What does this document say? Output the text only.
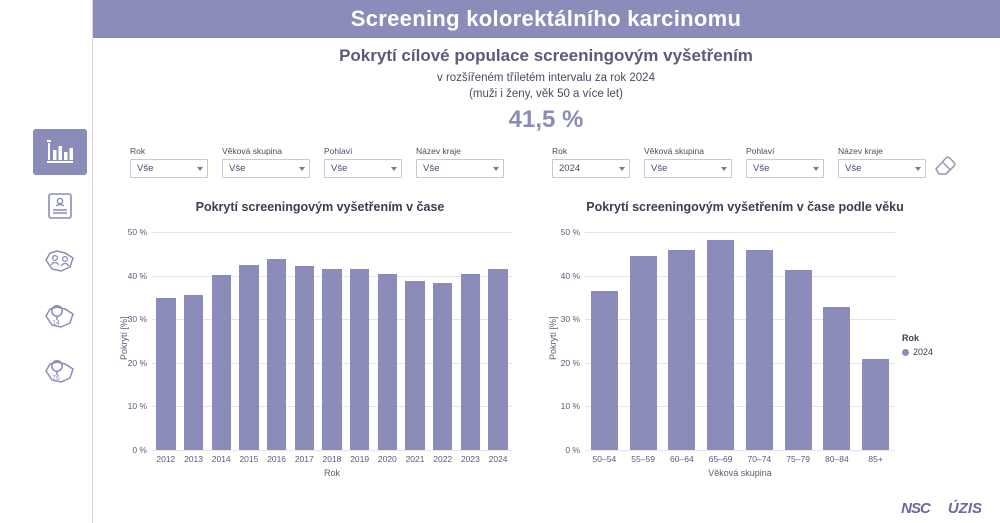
Screening kolorektálního karcinomu
14
76
Pokrytí cílové populace screeningovým vyšetřením
v rozšířeném tříletém intervalu za rok 2024
(muži i ženy, věk 50 a více let)
41,5 %
Rok
Vše
Věková skupina
Vše
Pohlaví
Vše
Název kraje
Vše
Rok
2024
Věková skupina
Vše
Pohlaví
Vše
Název kraje
Vše
Pokrytí screeningovým vyšetřením v čase
Pokrytí [%]
0 %
10 %
20 %
30 %
40 %
50 %
2012	2013	2014	2015	2016	2017	2018	2019	2020	2021	2022	2023	2024
Rok
Pokrytí screeningovým vyšetřením v čase podle věku
Pokrytí [%]
0 %
10 %
20 %
30 %
40 %
50 %
50–54	55–59	60–64	65–69	70–74	75–79	80–84	85+
Věková skupina
Rok
2024
NSC ÚZIS
